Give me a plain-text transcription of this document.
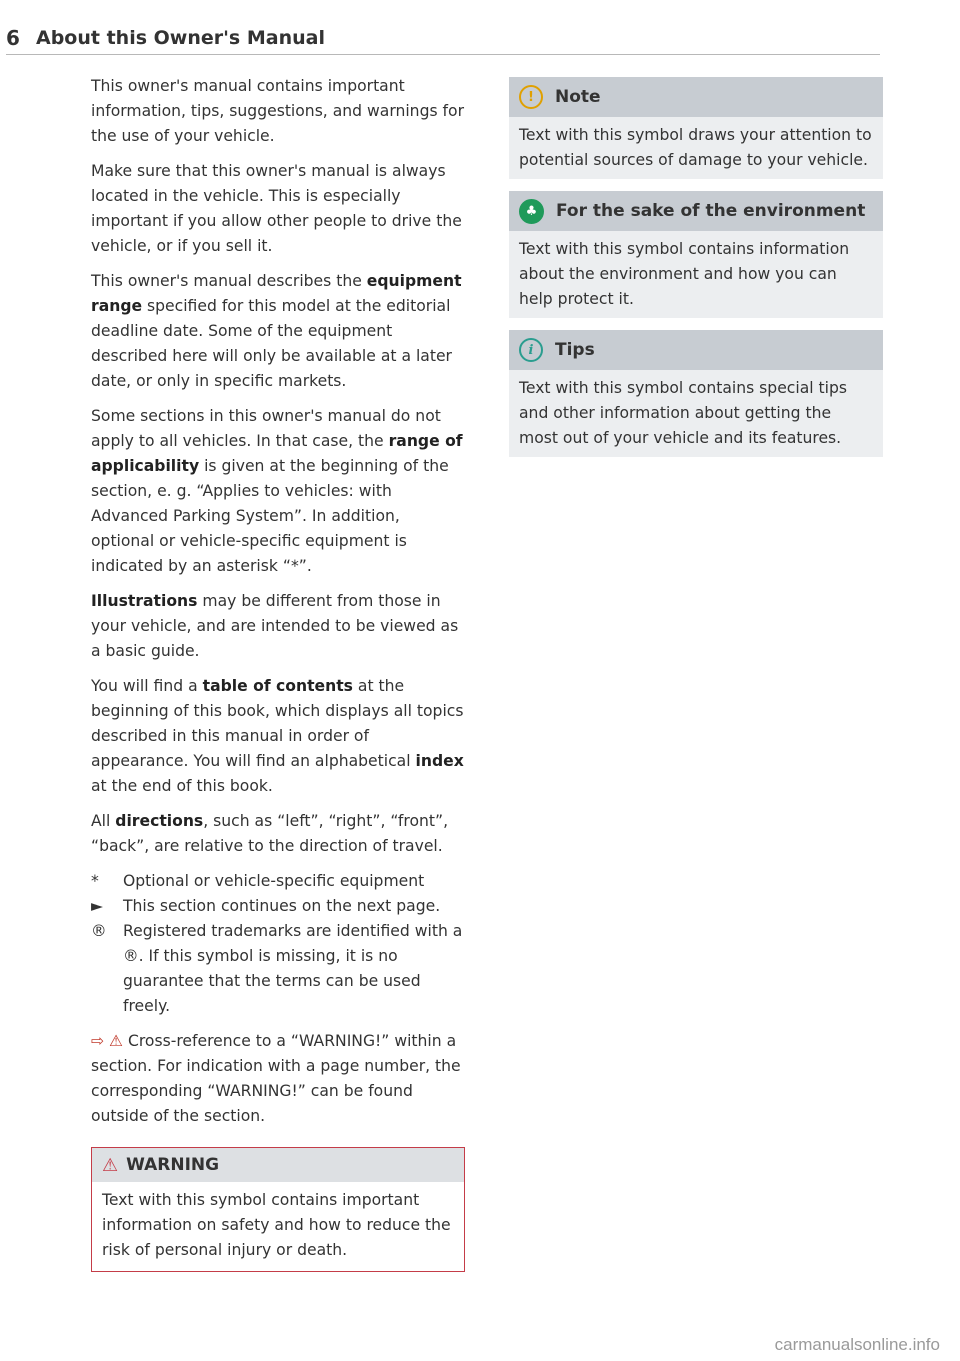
6 About this Owner's Manual

This owner's manual contains important information, tips, suggestions, and warnings for the use of your vehicle.

Make sure that this owner's manual is always located in the vehicle. This is especially important if you allow other people to drive the vehicle, or if you sell it.

This owner's manual describes the equipment range specified for this model at the editorial deadline date. Some of the equipment described here will only be available at a later date, or only in specific markets.

Some sections in this owner's manual do not apply to all vehicles. In that case, the range of applicability is given at the beginning of the section, e. g. “Applies to vehicles: with Advanced Parking System”. In addition, optional or vehicle-specific equipment is indicated by an asterisk “*”.

Illustrations may be different from those in your vehicle, and are intended to be viewed as a basic guide.

You will find a table of contents at the beginning of this book, which displays all topics described in this manual in order of appearance. You will find an alphabetical index at the end of this book.

All directions, such as “left”, “right”, “front”, “back”, are relative to the direction of travel.

*	Optional or vehicle-specific equipment
►	This section continues on the next page.
®	Registered trademarks are identified with a ®. If this symbol is missing, it is no guarantee that the terms can be used freely.

⇨ ⚠ Cross-reference to a “WARNING!” within a section. For indication with a page number, the corresponding “WARNING!” can be found outside of the section.

⚠ WARNING
Text with this symbol contains important information on safety and how to reduce the risk of personal injury or death.
!	Note
Text with this symbol draws your attention to potential sources of damage to your vehicle.
♣	For the sake of the environment
Text with this symbol contains information about the environment and how you can help protect it.
i	Tips
Text with this symbol contains special tips and other information about getting the most out of your vehicle and its features.
carmanualsonline.info
